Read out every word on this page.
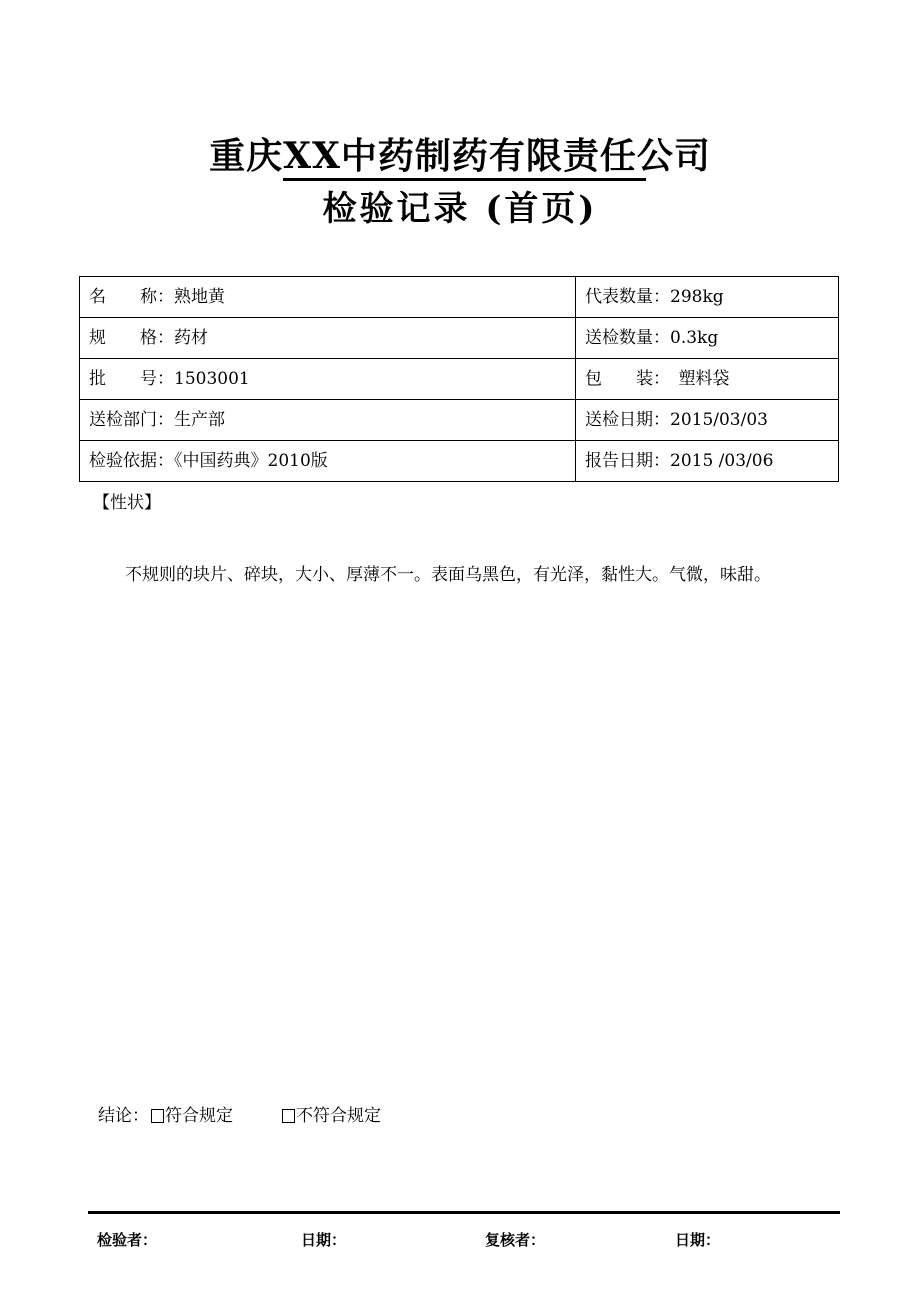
重庆XX中药制药有限责任公司
检验记录 (首页)
名　　称：熟地黄	代表数量：298kg
规　　格：药材	送检数量：0.3kg
批　　号：1503001	包　　装：　塑料袋
送检部门：生产部	送检日期：2015/03/03
检验依据：《中国药典》2010版	报告日期：2015 /03/06
【性状】
不规则的块片、碎块，大小、厚薄不一。表面乌黑色，有光泽，黏性大。气微，味甜。
结论： 符合规定	不符合规定
检验者：	日期：	复核者：	日期：
